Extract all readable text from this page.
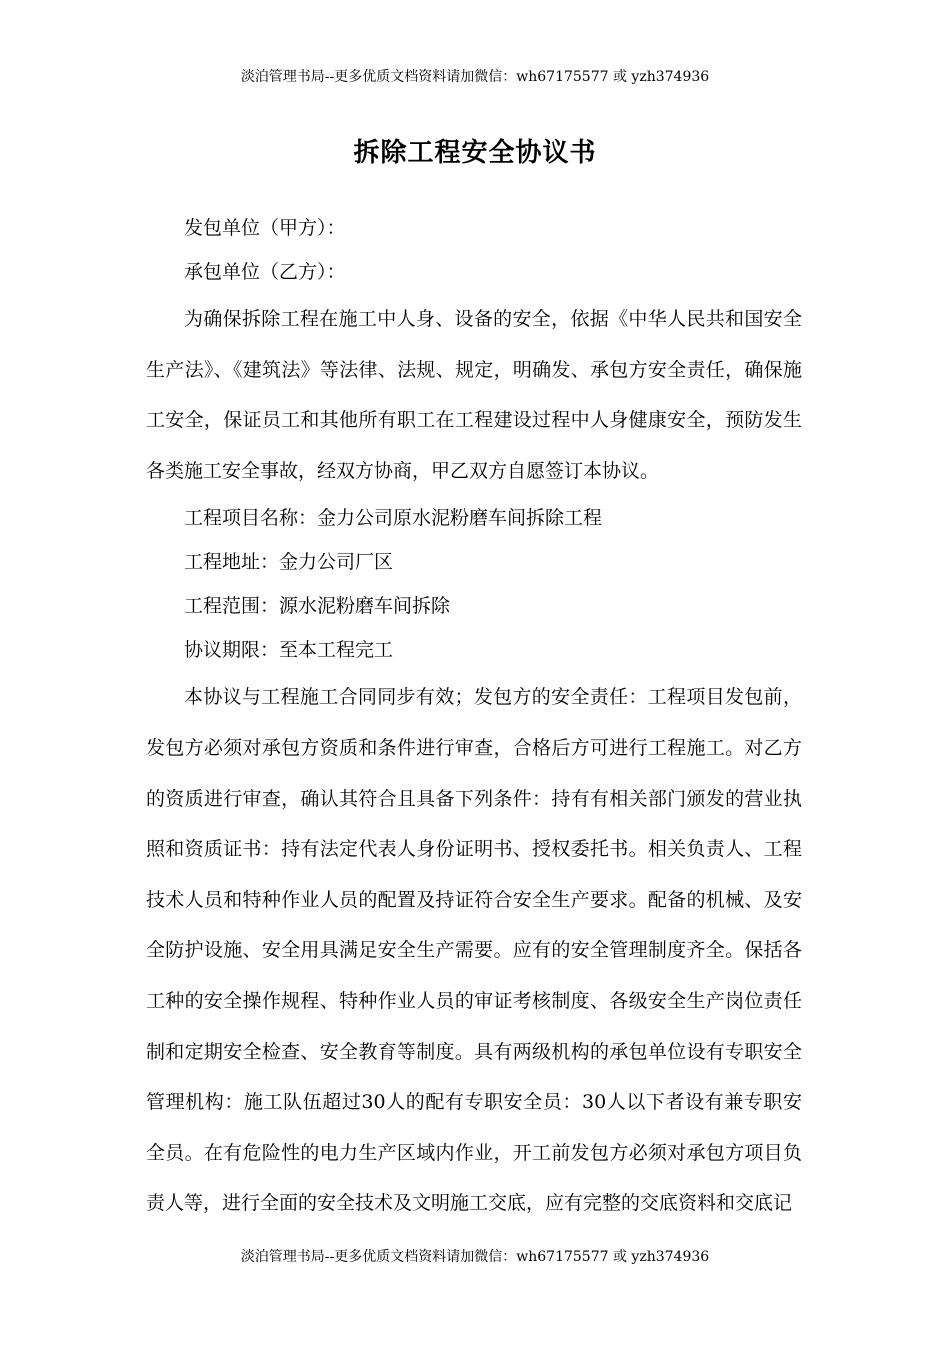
淡泊管理书局--更多优质文档资料请加微信：wh67175577 或 yzh374936
拆除工程安全协议书

发包单位（甲方）：

承包单位（乙方）：

为确保拆除工程在施工中人身、设备的安全，依据《中华人民共和国安全生产法》、《建筑法》等法律、法规、规定，明确发、承包方安全责任，确保施工安全，保证员工和其他所有职工在工程建设过程中人身健康安全，预防发生各类施工安全事故，经双方协商，甲乙双方自愿签订本协议。

工程项目名称：金力公司原水泥粉磨车间拆除工程

工程地址：金力公司厂区

工程范围：源水泥粉磨车间拆除

协议期限：至本工程完工

本协议与工程施工合同同步有效；发包方的安全责任：工程项目发包前，发包方必须对承包方资质和条件进行审查，合格后方可进行工程施工。对乙方的资质进行审查，确认其符合且具备下列条件：持有有相关部门颁发的营业执照和资质证书：持有法定代表人身份证明书、授权委托书。相关负责人、工程技术人员和特种作业人员的配置及持证符合安全生产要求。配备的机械、及安全防护设施、安全用具满足安全生产需要。应有的安全管理制度齐全。保括各工种的安全操作规程、特种作业人员的审证考核制度、各级安全生产岗位责任制和定期安全检查、安全教育等制度。具有两级机构的承包单位设有专职安全管理机构：施工队伍超过30人的配有专职安全员：30人以下者设有兼专职安全员。在有危险性的电力生产区域内作业，开工前发包方必须对承包方项目负责人等，进行全面的安全技术及文明施工交底，应有完整的交底资料和交底记

淡泊管理书局--更多优质文档资料请加微信：wh67175577 或 yzh374936
